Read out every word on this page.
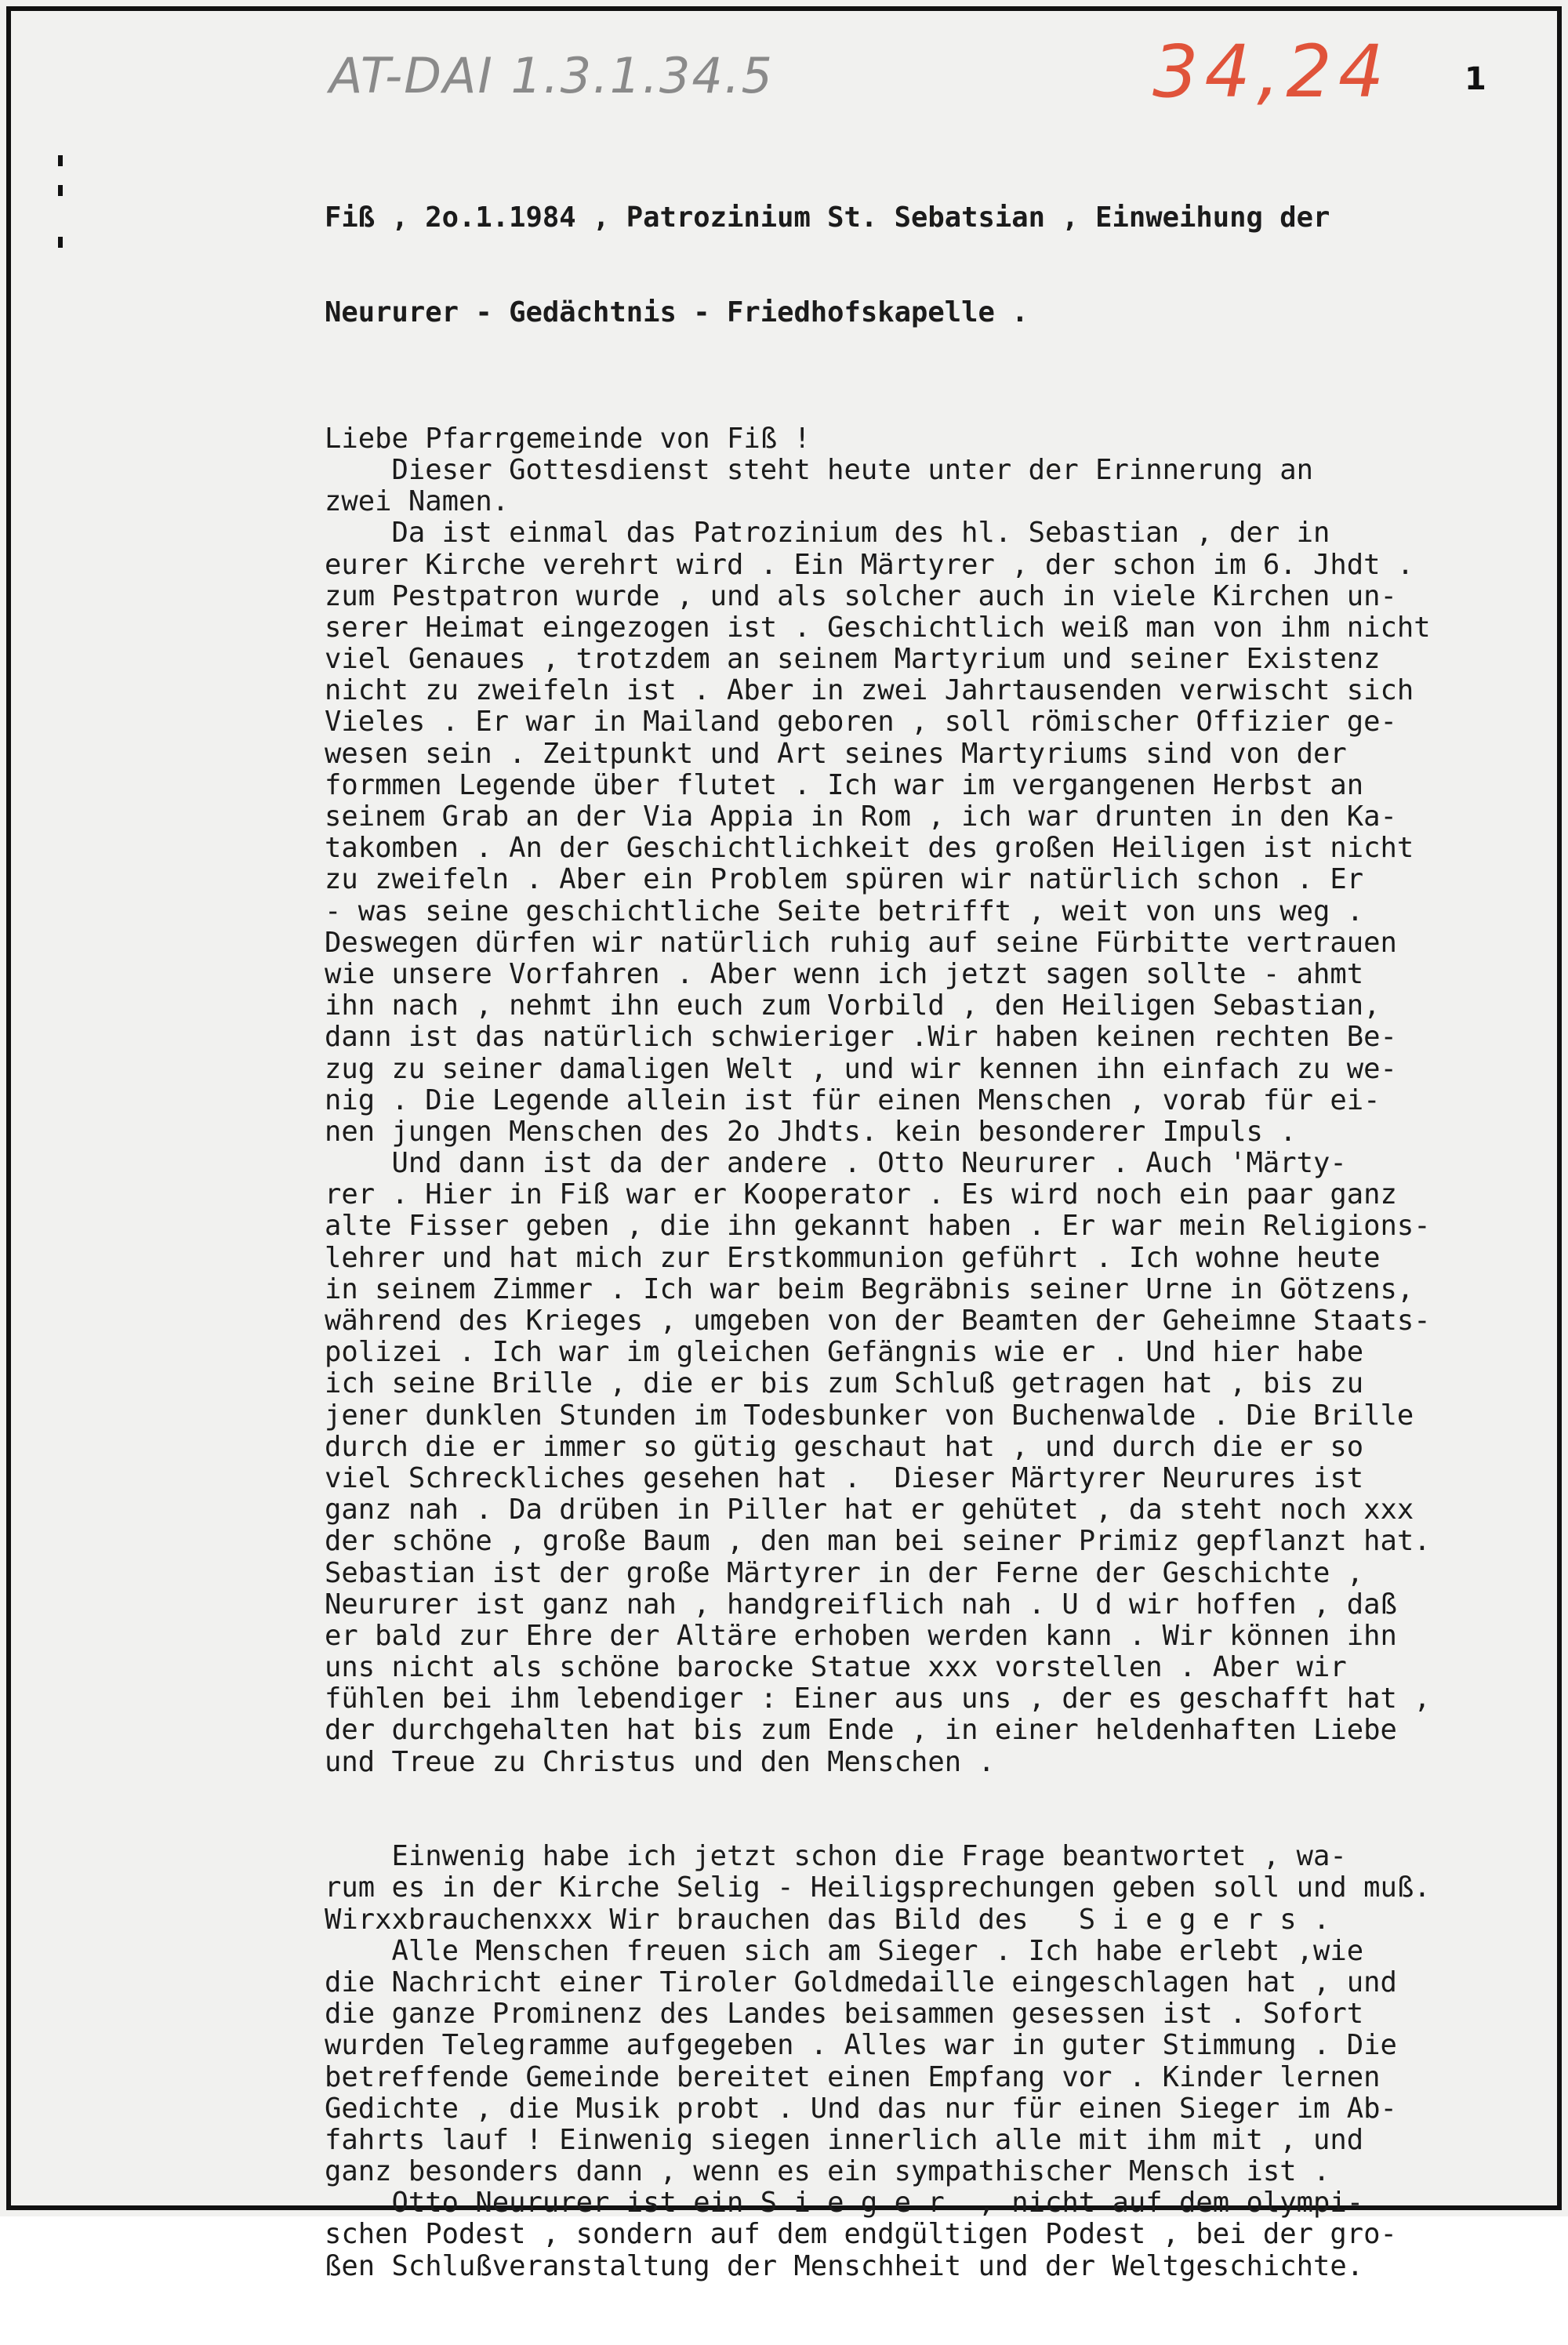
AT-DAI 1.3.1.34.5	34,24 1

Fiß , 2o.1.1984 , Patrozinium St. Sebatsian , Einweihung der

Neururer - Gedächtnis - Friedhofskapelle .

Liebe Pfarrgemeinde von Fiß !
Dieser Gottesdienst steht heute unter der Erinnerung an
zwei Namen.
Da ist einmal das Patrozinium des hl. Sebastian , der in
eurer Kirche verehrt wird . Ein Märtyrer , der schon im 6. Jhdt .
zum Pestpatron wurde , und als solcher auch in viele Kirchen un-
serer Heimat eingezogen ist . Geschichtlich weiß man von ihm nicht
viel Genaues , trotzdem an seinem Martyrium und seiner Existenz
nicht zu zweifeln ist . Aber in zwei Jahrtausenden verwischt sich
Vieles . Er war in Mailand geboren , soll römischer Offizier ge-
wesen sein . Zeitpunkt und Art seines Martyriums sind von der
formmen Legende über flutet . Ich war im vergangenen Herbst an
seinem Grab an der Via Appia in Rom , ich war drunten in den Ka-
takomben . An der Geschichtlichkeit des großen Heiligen ist nicht
zu zweifeln . Aber ein Problem spüren wir natürlich schon . Er
- was seine geschichtliche Seite betrifft , weit von uns weg .
Deswegen dürfen wir natürlich ruhig auf seine Fürbitte vertrauen
wie unsere Vorfahren . Aber wenn ich jetzt sagen sollte - ahmt
ihn nach , nehmt ihn euch zum Vorbild , den Heiligen Sebastian,
dann ist das natürlich schwieriger .Wir haben keinen rechten Be-
zug zu seiner damaligen Welt , und wir kennen ihn einfach zu we-
nig . Die Legende allein ist für einen Menschen , vorab für ei-
nen jungen Menschen des 2o Jhdts. kein besonderer Impuls .
Und dann ist da der andere . Otto Neururer . Auch 'Märty-
rer . Hier in Fiß war er Kooperator . Es wird noch ein paar ganz
alte Fisser geben , die ihn gekannt haben . Er war mein Religions-
lehrer und hat mich zur Erstkommunion geführt . Ich wohne heute
in seinem Zimmer . Ich war beim Begräbnis seiner Urne in Götzens,
während des Krieges , umgeben von der Beamten der Geheimne Staats-
polizei . Ich war im gleichen Gefängnis wie er . Und hier habe
ich seine Brille , die er bis zum Schluß getragen hat , bis zu
jener dunklen Stunden im Todesbunker von Buchenwalde . Die Brille
durch die er immer so gütig geschaut hat , und durch die er so
viel Schreckliches gesehen hat .  Dieser Märtyrer Neurures ist
ganz nah . Da drüben in Piller hat er gehütet , da steht noch xxx
der schöne , große Baum , den man bei seiner Primiz gepflanzt hat.
Sebastian ist der große Märtyrer in der Ferne der Geschichte ,
Neururer ist ganz nah , handgreiflich nah . U d wir hoffen , daß
er bald zur Ehre der Altäre erhoben werden kann . Wir können ihn
uns nicht als schöne barocke Statue xxx vorstellen . Aber wir
fühlen bei ihm lebendiger : Einer aus uns , der es geschafft hat ,
der durchgehalten hat bis zum Ende , in einer heldenhaften Liebe
und Treue zu Christus und den Menschen .
Einwenig habe ich jetzt schon die Frage beantwortet , wa-
rum es in der Kirche Selig - Heiligsprechungen geben soll und muß.
Wirxxbrauchenxxx Wir brauchen das Bild des   S i e g e r s .
Alle Menschen freuen sich am Sieger . Ich habe erlebt ,wie
die Nachricht einer Tiroler Goldmedaille eingeschlagen hat , und
die ganze Prominenz des Landes beisammen gesessen ist . Sofort
wurden Telegramme aufgegeben . Alles war in guter Stimmung . Die
betreffende Gemeinde bereitet einen Empfang vor . Kinder lernen
Gedichte , die Musik probt . Und das nur für einen Sieger im Ab-
fahrts lauf ! Einwenig siegen innerlich alle mit ihm mit , und
ganz besonders dann , wenn es ein sympathischer Mensch ist .
Otto Neururer ist ein S i e g e r  , nicht auf dem olympi-
schen Podest , sondern auf dem endgültigen Podest , bei der gro-
ßen Schlußveranstaltung der Menschheit und der Weltgeschichte.
